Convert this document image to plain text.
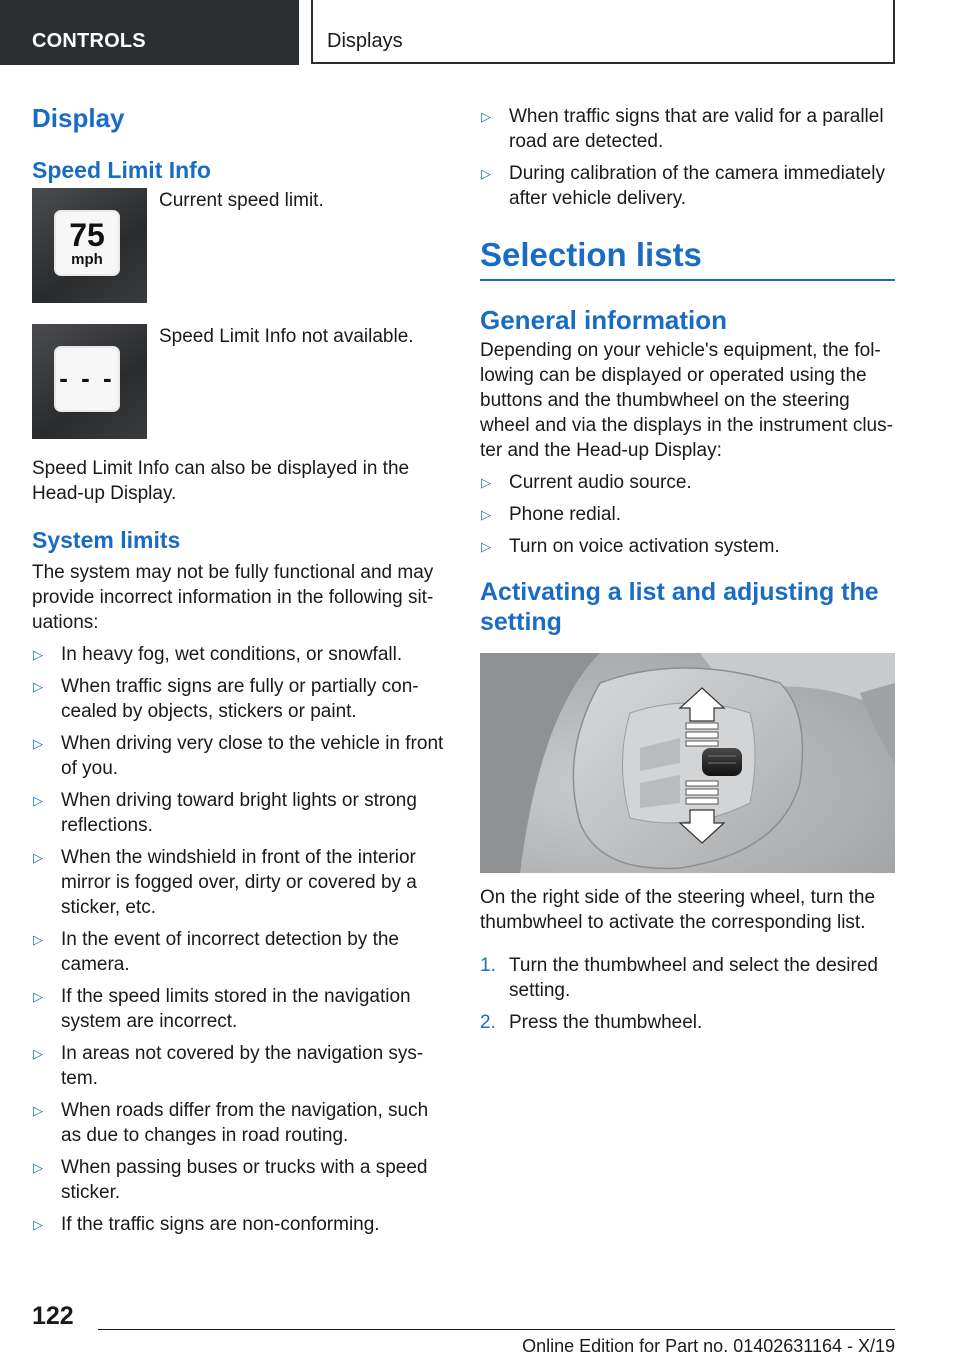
CONTROLS	Displays
Display
Speed Limit Info
75
mph

Current speed limit.

- - -

Speed Limit Info not available.

Speed Limit Info can also be displayed in the Head-up Display.

System limits

The system may not be fully functional and may provide incorrect information in the following sit-uations:

▷ In heavy fog, wet conditions, or snowfall.
▷ When traffic signs are fully or partially con-cealed by objects, stickers or paint.
▷ When driving very close to the vehicle in front of you.
▷ When driving toward bright lights or strong reflections.
▷ When the windshield in front of the interior mirror is fogged over, dirty or covered by a sticker, etc.
▷ In the event of incorrect detection by the camera.
▷ If the speed limits stored in the navigation system are incorrect.
▷ In areas not covered by the navigation sys-tem.
▷ When roads differ from the navigation, such as due to changes in road routing.
▷ When passing buses or trucks with a speed sticker.
▷ If the traffic signs are non-conforming.
▷ When traffic signs that are valid for a parallel road are detected.
▷ During calibration of the camera immediately after vehicle delivery.
Selection lists
General information

Depending on your vehicle's equipment, the fol-lowing can be displayed or operated using the buttons and the thumbwheel on the steering wheel and via the displays in the instrument clus-ter and the Head-up Display:

▷ Current audio source.
▷ Phone redial.
▷ Turn on voice activation system.
Activating a list and adjusting the setting

On the right side of the steering wheel, turn the thumbwheel to activate the corresponding list.

1. Turn the thumbwheel and select the desired setting.
2. Press the thumbwheel.
122
Online Edition for Part no. 01402631164 - X/19
